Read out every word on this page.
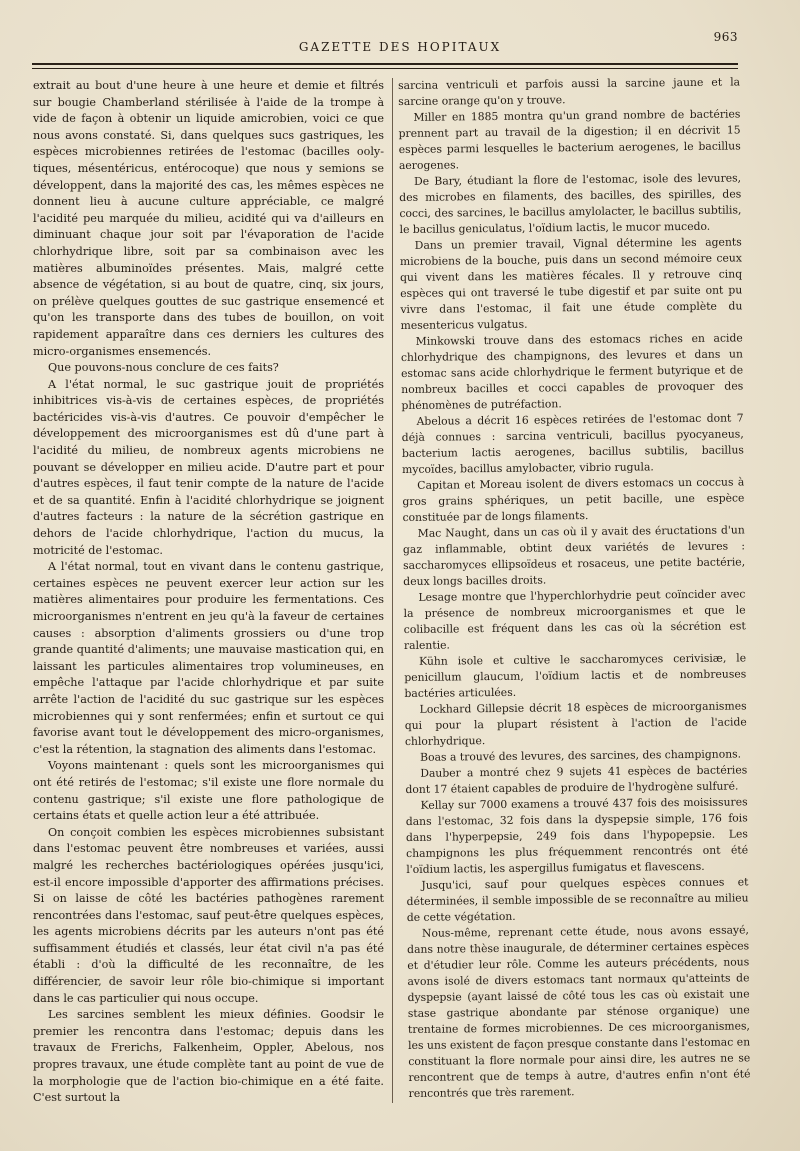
963
GAZETTE DES HOPITAUX

extrait au bout d'une heure à une heure et demie et filtrés sur bougie Chamberland stérilisée à l'aide de la trompe à vide de façon à obtenir un liquide amicrobien, voici ce que nous avons constaté. Si, dans quelques sucs gastriques, les espèces microbiennes retirées de l'estomac (bacilles ooly-tiques, mésentéricus, entérocoque) que nous y semions se développent, dans la majorité des cas, les mêmes espèces ne donnent lieu à aucune culture appréciable, ce malgré l'acidité peu marquée du milieu, acidité qui va d'ailleurs en diminuant chaque jour soit par l'évaporation de l'acide chlorhydrique libre, soit par sa combinaison avec les matières albuminoïdes présentes. Mais, malgré cette absence de végétation, si au bout de quatre, cinq, six jours, on prélève quelques gouttes de suc gastrique ensemencé et qu'on les transporte dans des tubes de bouillon, on voit rapidement apparaître dans ces derniers les cultures des micro-organismes ensemencés.

Que pouvons-nous conclure de ces faits?

A l'état normal, le suc gastrique jouit de propriétés inhibitrices vis-à-vis de certaines espèces, de propriétés bactéricides vis-à-vis d'autres. Ce pouvoir d'empêcher le développement des microorganismes est dû d'une part à l'acidité du milieu, de nombreux agents microbiens ne pouvant se développer en milieu acide. D'autre part et pour d'autres espèces, il faut tenir compte de la nature de l'acide et de sa quantité. Enfin à l'acidité chlorhydrique se joignent d'autres facteurs : la nature de la sécrétion gastrique en dehors de l'acide chlorhydrique, l'action du mucus, la motricité de l'estomac.

A l'état normal, tout en vivant dans le contenu gastrique, certaines espèces ne peuvent exercer leur action sur les matières alimentaires pour produire les fermentations. Ces microorganismes n'entrent en jeu qu'à la faveur de certaines causes : absorption d'aliments grossiers ou d'une trop grande quantité d'aliments; une mauvaise mastication qui, en laissant les particules alimentaires trop volumineuses, en empêche l'attaque par l'acide chlorhydrique et par suite arrête l'action de l'acidité du suc gastrique sur les espèces microbiennes qui y sont renfermées; enfin et surtout ce qui favorise avant tout le développement des micro-organismes, c'est la rétention, la stagnation des aliments dans l'estomac.

Voyons maintenant : quels sont les microorganismes qui ont été retirés de l'estomac; s'il existe une flore normale du contenu gastrique; s'il existe une flore pathologique de certains états et quelle action leur a été attribuée.

On conçoit combien les espèces microbiennes subsistant dans l'estomac peuvent être nombreuses et variées, aussi malgré les recherches bactériologiques opérées jusqu'ici, est-il encore impossible d'apporter des affirmations précises. Si on laisse de côté les bactéries pathogènes rarement rencontrées dans l'estomac, sauf peut-être quelques espèces, les agents microbiens décrits par les auteurs n'ont pas été suffisamment étudiés et classés, leur état civil n'a pas été établi : d'où la difficulté de les reconnaître, de les différencier, de savoir leur rôle bio-chimique si important dans le cas particulier qui nous occupe.

Les sarcines semblent les mieux définies. Goodsir le premier les rencontra dans l'estomac; depuis dans les travaux de Frerichs, Falkenheim, Oppler, Abelous, nos propres travaux, une étude complète tant au point de vue de la morphologie que de l'action bio-chimique en a été faite. C'est surtout la

sarcina ventriculi et parfois aussi la sarcine jaune et la sarcine orange qu'on y trouve.

Miller en 1885 montra qu'un grand nombre de bactéries prennent part au travail de la digestion; il en décrivit 15 espèces parmi lesquelles le bacterium aerogenes, le bacillus aerogenes.

De Bary, étudiant la flore de l'estomac, isole des levures, des microbes en filaments, des bacilles, des spirilles, des cocci, des sarcines, le bacillus amylolacter, le bacillus subtilis, le bacillus geniculatus, l'oïdium lactis, le mucor mucedo.

Dans un premier travail, Vignal détermine les agents microbiens de la bouche, puis dans un second mémoire ceux qui vivent dans les matières fécales. Il y retrouve cinq espèces qui ont traversé le tube digestif et par suite ont pu vivre dans l'estomac, il fait une étude complète du mesentericus vulgatus.

Minkowski trouve dans des estomacs riches en acide chlorhydrique des champignons, des levures et dans un estomac sans acide chlorhydrique le ferment butyrique et de nombreux bacilles et cocci capables de provoquer des phénomènes de putréfaction.

Abelous a décrit 16 espèces retirées de l'estomac dont 7 déjà connues : sarcina ventriculi, bacillus pyocyaneus, bacterium lactis aerogenes, bacillus subtilis, bacillus mycoïdes, bacillus amylobacter, vibrio rugula.

Capitan et Moreau isolent de divers estomacs un coccus à gros grains sphériques, un petit bacille, une espèce constituée par de longs filaments.

Mac Naught, dans un cas où il y avait des éructations d'un gaz inflammable, obtint deux variétés de levures : saccharomyces ellipsoïdeus et rosaceus, une petite bactérie, deux longs bacilles droits.

Lesage montre que l'hyperchlorhydrie peut coïncider avec la présence de nombreux microorganismes et que le colibacille est fréquent dans les cas où la sécrétion est ralentie.

Kühn isole et cultive le saccharomyces cerivisiæ, le penicillum glaucum, l'oïdium lactis et de nombreuses bactéries articulées.

Lockhard Gillepsie décrit 18 espèces de microorganismes qui pour la plupart résistent à l'action de l'acide chlorhydrique.

Boas a trouvé des levures, des sarcines, des champignons.

Dauber a montré chez 9 sujets 41 espèces de bactéries dont 17 étaient capables de produire de l'hydrogène sulfuré.

Kellay sur 7000 examens a trouvé 437 fois des moisissures dans l'estomac, 32 fois dans la dyspepsie simple, 176 fois dans l'hyperpepsie, 249 fois dans l'hypopepsie. Les champignons les plus fréquemment rencontrés ont été l'oïdium lactis, les aspergillus fumigatus et flavescens.

Jusqu'ici, sauf pour quelques espèces connues et déterminées, il semble impossible de se reconnaître au milieu de cette végétation.

Nous-même, reprenant cette étude, nous avons essayé, dans notre thèse inaugurale, de déterminer certaines espèces et d'étudier leur rôle. Comme les auteurs précédents, nous avons isolé de divers estomacs tant normaux qu'atteints de dyspepsie (ayant laissé de côté tous les cas où existait une stase gastrique abondante par sténose organique) une trentaine de formes microbiennes. De ces microorganismes, les uns existent de façon presque constante dans l'estomac en constituant la flore normale pour ainsi dire, les autres ne se rencontrent que de temps à autre, d'autres enfin n'ont été rencontrés que très rarement.
